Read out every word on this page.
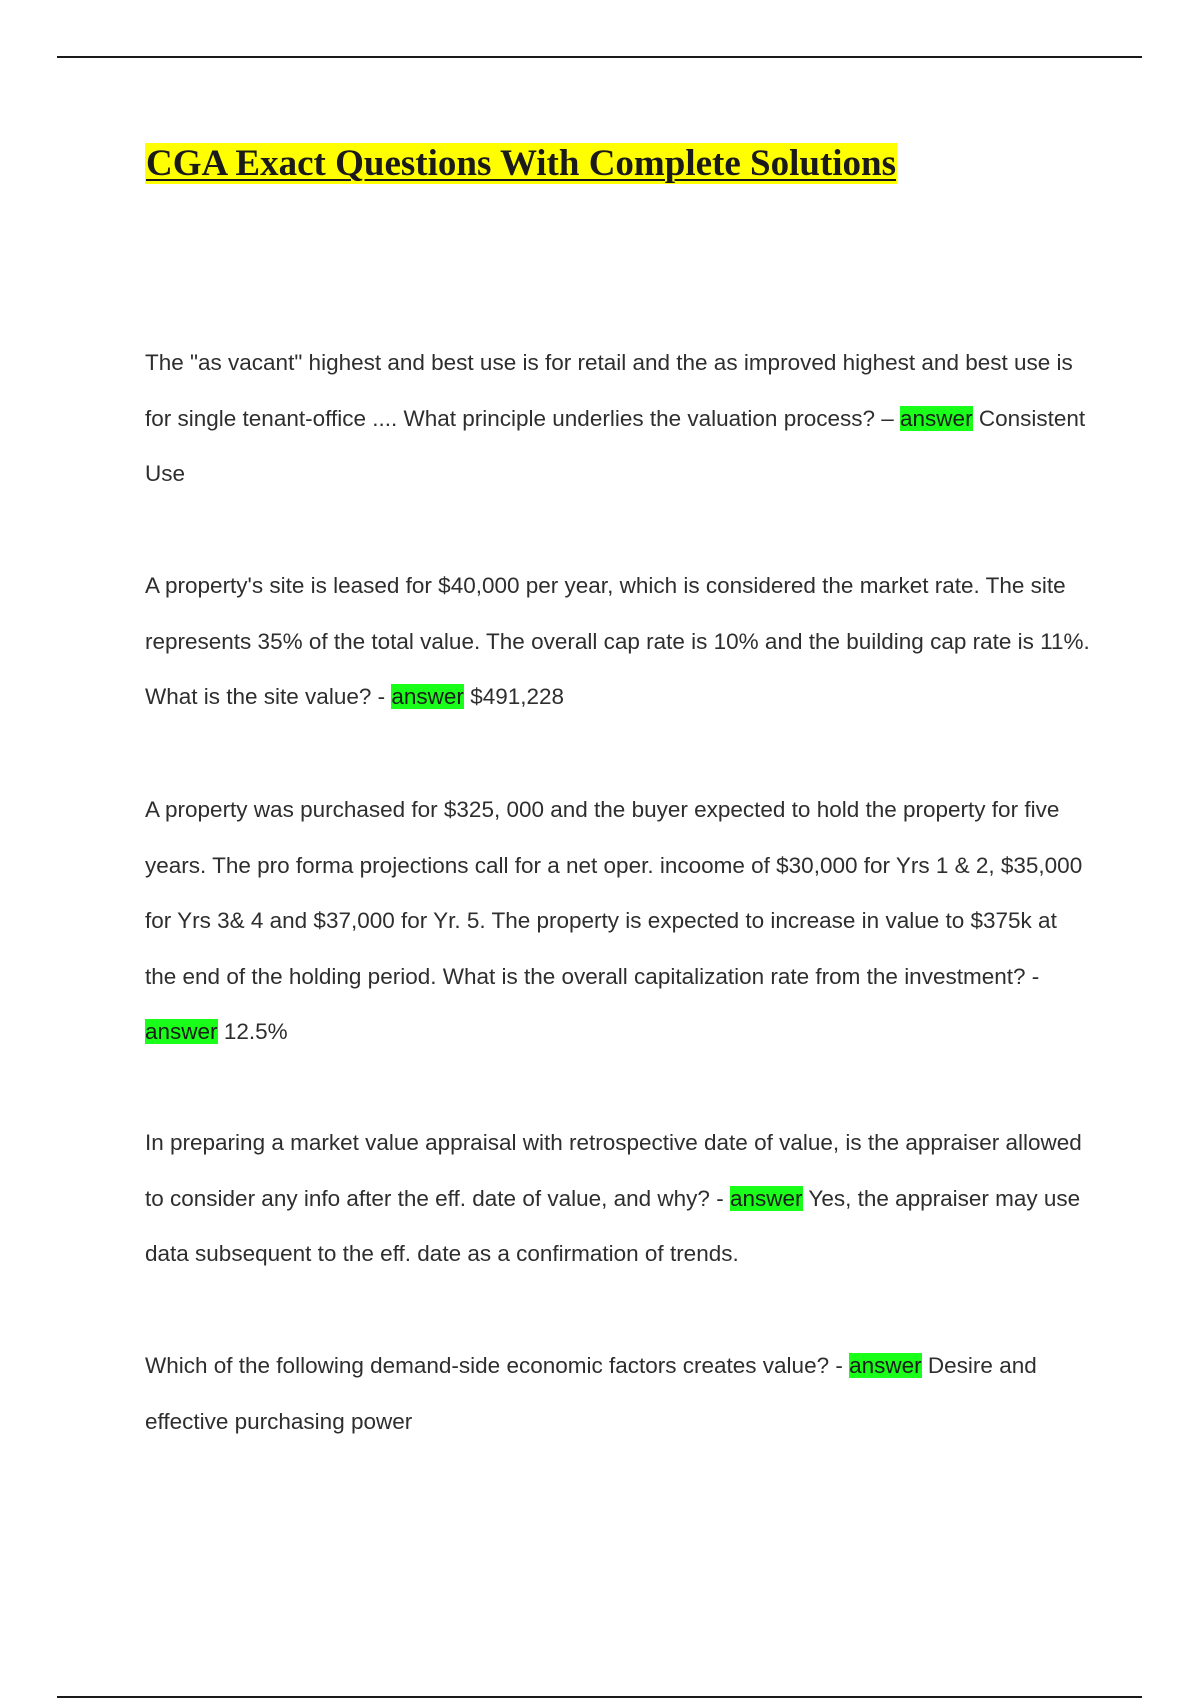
CGA Exact Questions With Complete Solutions

The "as vacant" highest and best use is for retail and the as improved highest and best use is for single tenant-office .... What principle underlies the valuation process? – answer Consistent Use

A property's site is leased for $40,000 per year, which is considered the market rate. The site represents 35% of the total value. The overall cap rate is 10% and the building cap rate is 11%. What is the site value? - answer $491,228

A property was purchased for $325, 000 and the buyer expected to hold the property for five years. The pro forma projections call for a net oper. incoome of $30,000 for Yrs 1 & 2, $35,000 for Yrs 3& 4 and $37,000 for Yr. 5. The property is expected to increase in value to $375k at the end of the holding period. What is the overall capitalization rate from the investment? - answer 12.5%

In preparing a market value appraisal with retrospective date of value, is the appraiser allowed to consider any info after the eff. date of value, and why? - answer Yes, the appraiser may use data subsequent to the eff. date as a confirmation of trends.

Which of the following demand-side economic factors creates value? - answer Desire and effective purchasing power
